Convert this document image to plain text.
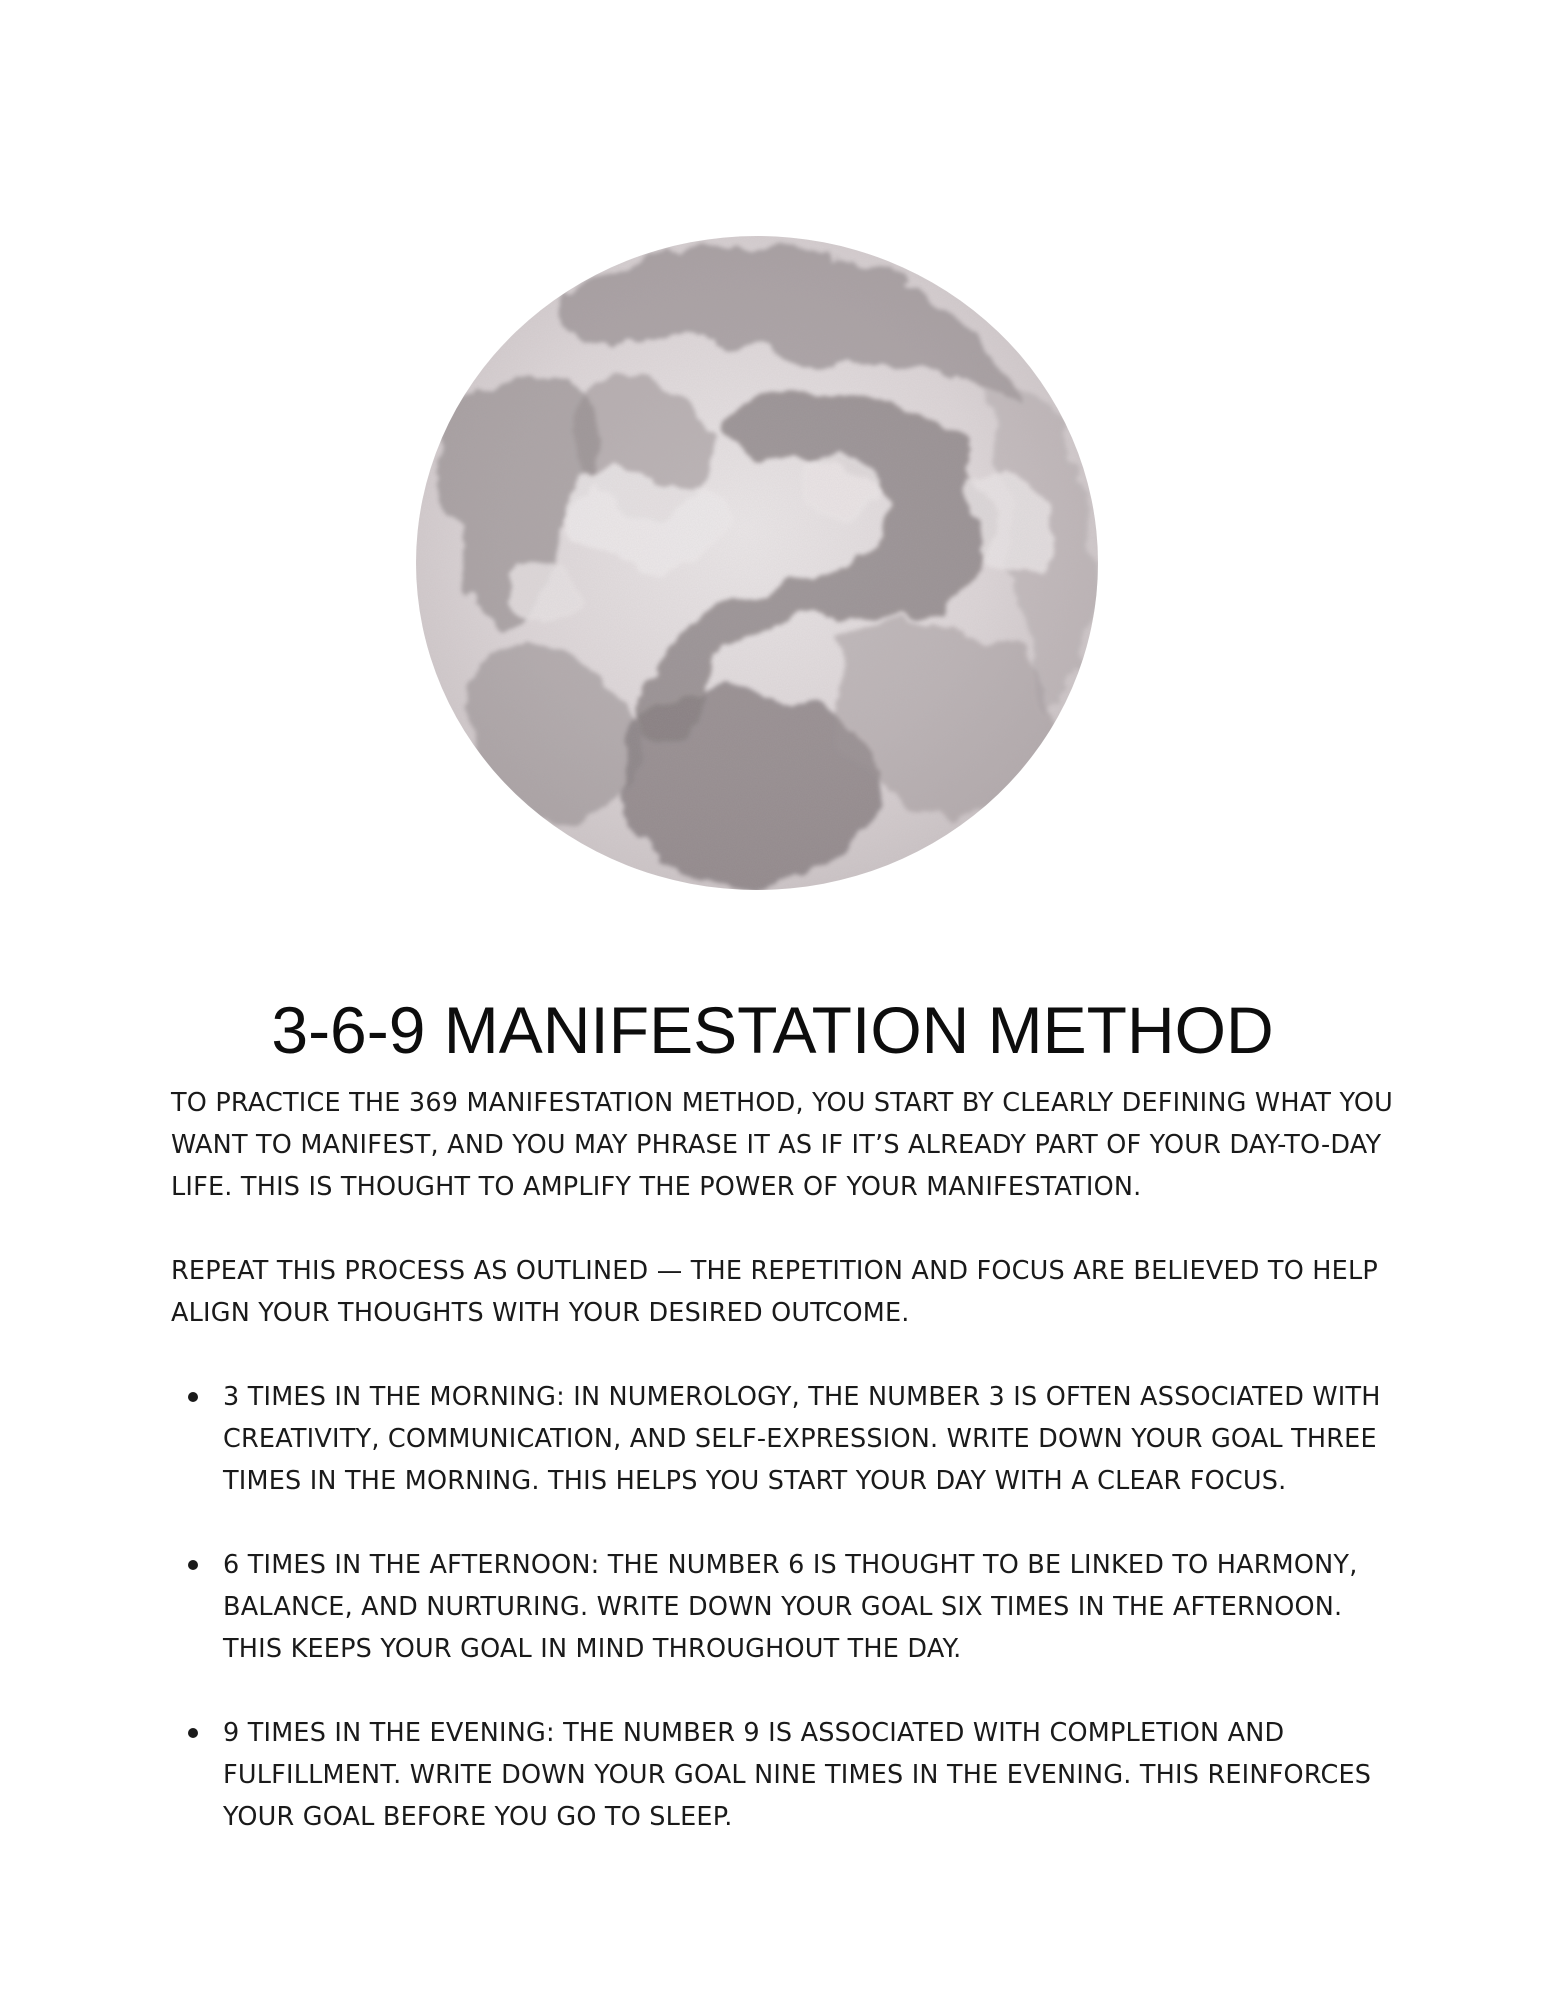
3-6-9 MANIFESTATION METHOD

TO PRACTICE THE 369 MANIFESTATION METHOD, YOU START BY CLEARLY DEFINING WHAT YOU WANT TO MANIFEST, AND YOU MAY PHRASE IT AS IF IT’S ALREADY PART OF YOUR DAY-TO-DAY LIFE. THIS IS THOUGHT TO AMPLIFY THE POWER OF YOUR MANIFESTATION.

REPEAT THIS PROCESS AS OUTLINED — THE REPETITION AND FOCUS ARE BELIEVED TO HELP ALIGN YOUR THOUGHTS WITH YOUR DESIRED OUTCOME.

3 TIMES IN THE MORNING: IN NUMEROLOGY, THE NUMBER 3 IS OFTEN ASSOCIATED WITH CREATIVITY, COMMUNICATION, AND SELF-EXPRESSION. WRITE DOWN YOUR GOAL THREE TIMES IN THE MORNING. THIS HELPS YOU START YOUR DAY WITH A CLEAR FOCUS.
6 TIMES IN THE AFTERNOON: THE NUMBER 6 IS THOUGHT TO BE LINKED TO HARMONY, BALANCE, AND NURTURING. WRITE DOWN YOUR GOAL SIX TIMES IN THE AFTERNOON. THIS KEEPS YOUR GOAL IN MIND THROUGHOUT THE DAY.
9 TIMES IN THE EVENING: THE NUMBER 9 IS ASSOCIATED WITH COMPLETION AND FULFILLMENT. WRITE DOWN YOUR GOAL NINE TIMES IN THE EVENING. THIS REINFORCES YOUR GOAL BEFORE YOU GO TO SLEEP.
